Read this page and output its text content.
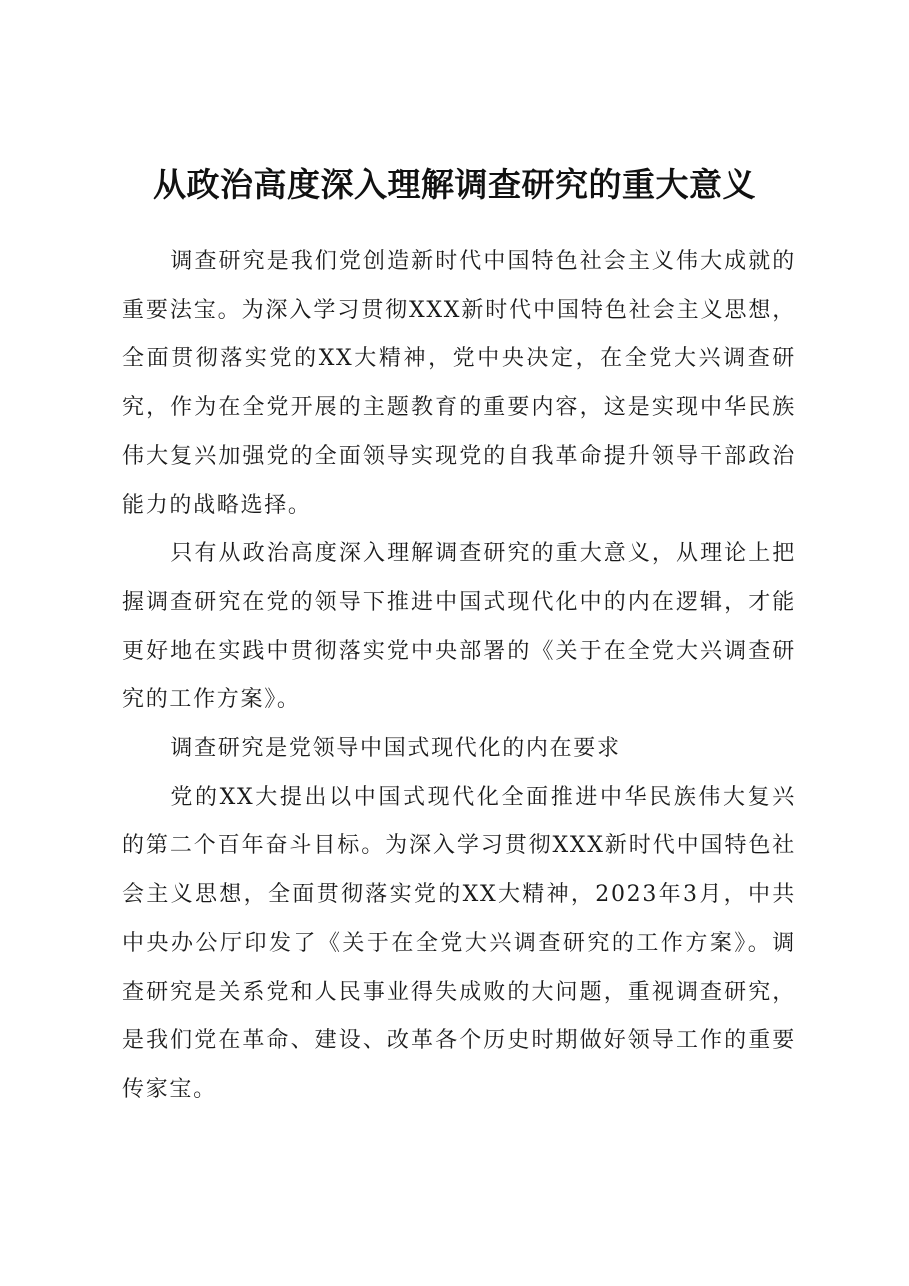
从政治高度深入理解调查研究的重大意义

调查研究是我们党创造新时代中国特色社会主义伟大成就的重要法宝。为深入学习贯彻XXX新时代中国特色社会主义思想，全面贯彻落实党的XX大精神，党中央决定，在全党大兴调查研究，作为在全党开展的主题教育的重要内容，这是实现中华民族伟大复兴加强党的全面领导实现党的自我革命提升领导干部政治能力的战略选择。

只有从政治高度深入理解调查研究的重大意义，从理论上把握调查研究在党的领导下推进中国式现代化中的内在逻辑，才能更好地在实践中贯彻落实党中央部署的《关于在全党大兴调查研究的工作方案》。

调查研究是党领导中国式现代化的内在要求

党的XX大提出以中国式现代化全面推进中华民族伟大复兴的第二个百年奋斗目标。为深入学习贯彻XXX新时代中国特色社会主义思想，全面贯彻落实党的XX大精神，2023年3月，中共中央办公厅印发了《关于在全党大兴调查研究的工作方案》。调查研究是关系党和人民事业得失成败的大问题，重视调查研究，是我们党在革命、建设、改革各个历史时期做好领导工作的重要传家宝。
